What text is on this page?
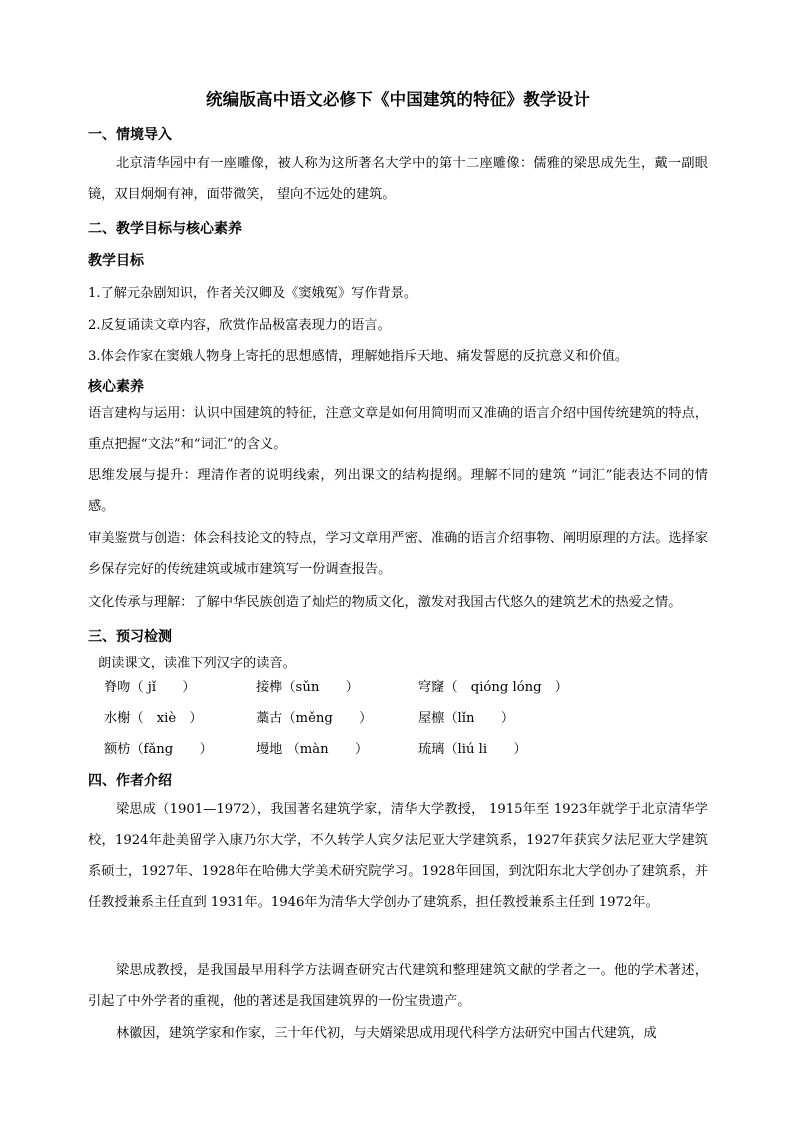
统编版高中语文必修下《中国建筑的特征》教学设计
一、情境导入

北京清华园中有一座雕像，被人称为这所著名大学中的第十二座雕像：儒雅的梁思成先生，戴一副眼镜，双目炯炯有神，面带微笑， 望向不远处的建筑。

二、教学目标与核心素养
教学目标
1.了解元杂剧知识，作者关汉卿及《窦娥冤》写作背景。
2.反复诵读文章内容，欣赏作品极富表现力的语言。
3.体会作家在窦娥人物身上寄托的思想感情，理解她指斥天地、痛发誓愿的反抗意义和价值。
核心素养

语言建构与运用：认识中国建筑的特征，注意文章是如何用简明而又准确的语言介绍中国传统建筑的特点，重点把握“文法”和“词汇”的含义。

思维发展与提升：理清作者的说明线索，列出课文的结构提纲。理解不同的建筑 “词汇”能表达不同的情感。

审美鉴赏与创造：体会科技论文的特点，学习文章用严密、准确的语言介绍事物、阐明原理的方法。选择家乡保存完好的传统建筑或城市建筑写一份调查报告。

文化传承与理解：了解中华民族创造了灿烂的物质文化，激发对我国古代悠久的建筑艺术的热爱之情。

三、预习检测
朗读课文，读准下列汉字的读音。
脊吻（ jǐ　　）	接榫（sǔn　　）	穹窿（　qióng lóng　）
水榭（　xiè　）	藁古（měng　　）	屋檩（lǐn　　）
额枋（fǎng　　）	墁地 （màn　　）	琉璃（liú li　　）
四、作者介绍

梁思成（1901—1972），我国著名建筑学家，清华大学教授， 1915年至 1923年就学于北京清华学校，1924年赴美留学入康乃尔大学，不久转学人宾夕法尼亚大学建筑系，1927年获宾夕法尼亚大学建筑系硕士，1927年、1928年在哈佛大学美术研究院学习。1928年回国，到沈阳东北大学创办了建筑系，并任教授兼系主任直到 1931年。1946年为清华大学创办了建筑系，担任教授兼系主任到 1972年。

梁思成教授，是我国最早用科学方法调查研究古代建筑和整理建筑文献的学者之一。他的学术著述，引起了中外学者的重视，他的著述是我国建筑界的一份宝贵遗产。

林徽因，建筑学家和作家，三十年代初，与夫婿梁思成用现代科学方法研究中国古代建筑，成
